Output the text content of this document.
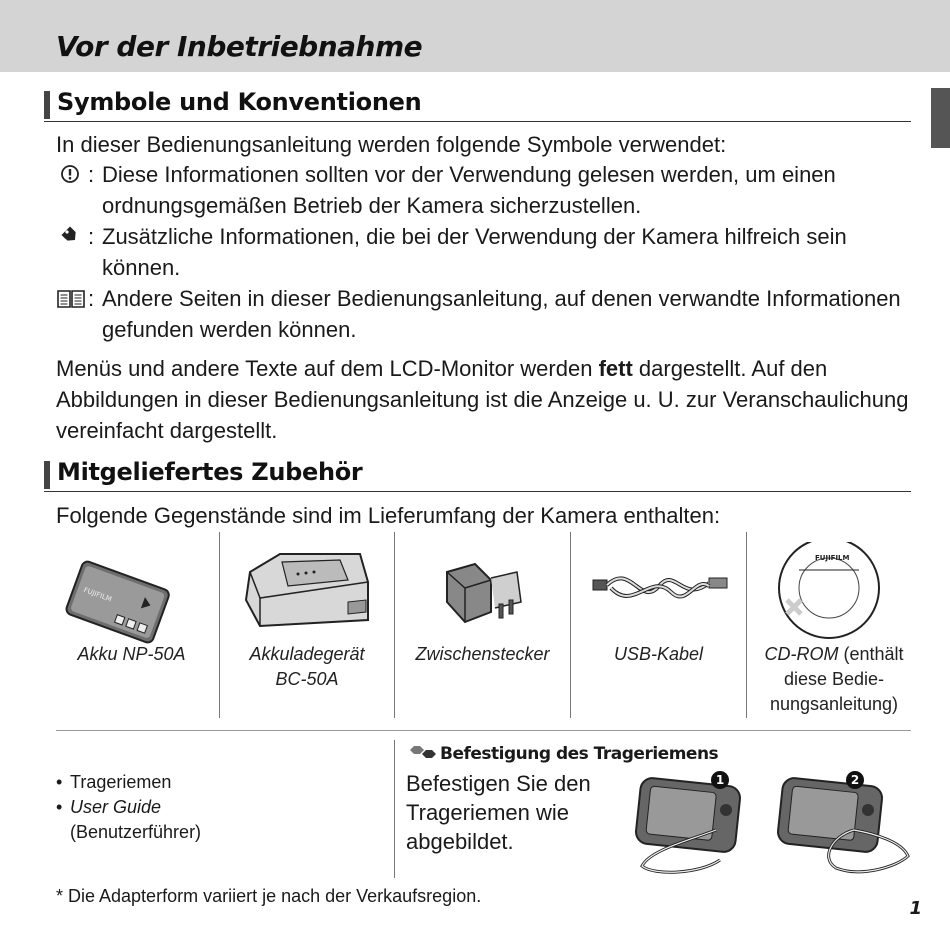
Vor der Inbetriebnahme
Symbole und Konventionen
In dieser Bedienungsanleitung werden folgende Symbole verwendet:
: Diese Informationen sollten vor der Verwendung gelesen werden, um einen ordnungsgemäßen Betrieb der Kamera sicherzustellen.
: Zusätzliche Informationen, die bei der Verwendung der Kamera hilfreich sein können.
: Andere Seiten in dieser Bedienungsanleitung, auf denen verwandte Informationen gefunden werden können.
Menüs und andere Texte auf dem LCD-Monitor werden fett dargestellt. Auf den Abbildungen in dieser Bedienungsanleitung ist die Anzeige u. U. zur Veranschaulichung vereinfacht dargestellt.
Mitgeliefertes Zubehör
Folgende Gegenstände sind im Lieferumfang der Kamera enthalten:
FUJIFILM
Akku NP-50A	Akkuladegerät BC-50A
Zwischenstecker	USB-Kabel
FUJIFILM
CD-ROM (enthält diese Bedienungsanleitung)
• Trageriemen
• User Guide
(Benutzerführer)
Befestigung des Trageriemens
Befestigen Sie den Trageriemen wie abgebildet.
1	2
* Die Adapterform variiert je nach der Verkaufsregion.
1
